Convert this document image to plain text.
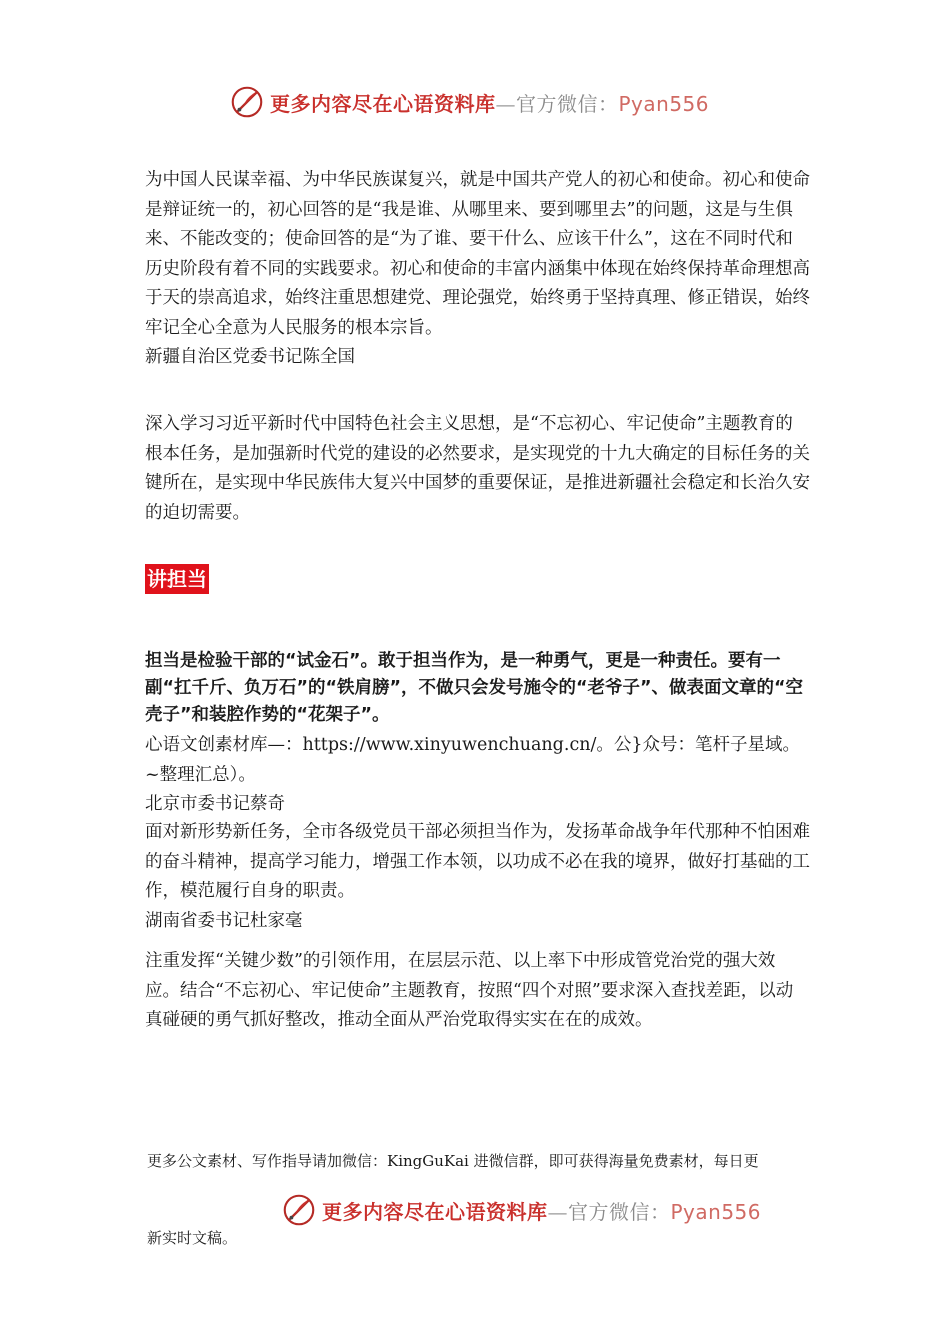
更多内容尽在心语资料库—官方微信：Pyan556

为中国人民谋幸福、为中华民族谋复兴，就是中国共产党人的初心和使命。初心和使命是辩证统一的，初心回答的是“我是谁、从哪里来、要到哪里去”的问题，这是与生俱来、不能改变的；使命回答的是“为了谁、要干什么、应该干什么”，这在不同时代和历史阶段有着不同的实践要求。初心和使命的丰富内涵集中体现在始终保持革命理想高于天的崇高追求，始终注重思想建党、理论强党，始终勇于坚持真理、修正错误，始终牢记全心全意为人民服务的根本宗旨。

新疆自治区党委书记陈全国

深入学习习近平新时代中国特色社会主义思想，是“不忘初心、牢记使命”主题教育的根本任务，是加强新时代党的建设的必然要求，是实现党的十九大确定的目标任务的关键所在，是实现中华民族伟大复兴中国梦的重要保证，是推进新疆社会稳定和长治久安的迫切需要。

讲担当

担当是检验干部的“试金石”。敢于担当作为，是一种勇气，更是一种责任。要有一副“扛千斤、负万石”的“铁肩膀”，不做只会发号施令的“老爷子”、做表面文章的“空壳子”和装腔作势的“花架子”。

心语文创素材库—：https://www.xinyuwenchuang.cn/。公}众号：笔杆子星域。~整理汇总）。

北京市委书记蔡奇

面对新形势新任务，全市各级党员干部必须担当作为，发扬革命战争年代那种不怕困难的奋斗精神，提高学习能力，增强工作本领，以功成不必在我的境界，做好打基础的工作，模范履行自身的职责。

湖南省委书记杜家毫

注重发挥“关键少数”的引领作用，在层层示范、以上率下中形成管党治党的强大效应。结合“不忘初心、牢记使命”主题教育，按照“四个对照”要求深入查找差距，以动真碰硬的勇气抓好整改，推动全面从严治党取得实实在在的成效。

更多公文素材、写作指导请加微信：KingGuKai 进微信群，即可获得海量免费素材，每日更
更多内容尽在心语资料库—官方微信：Pyan556
新实时文稿。
